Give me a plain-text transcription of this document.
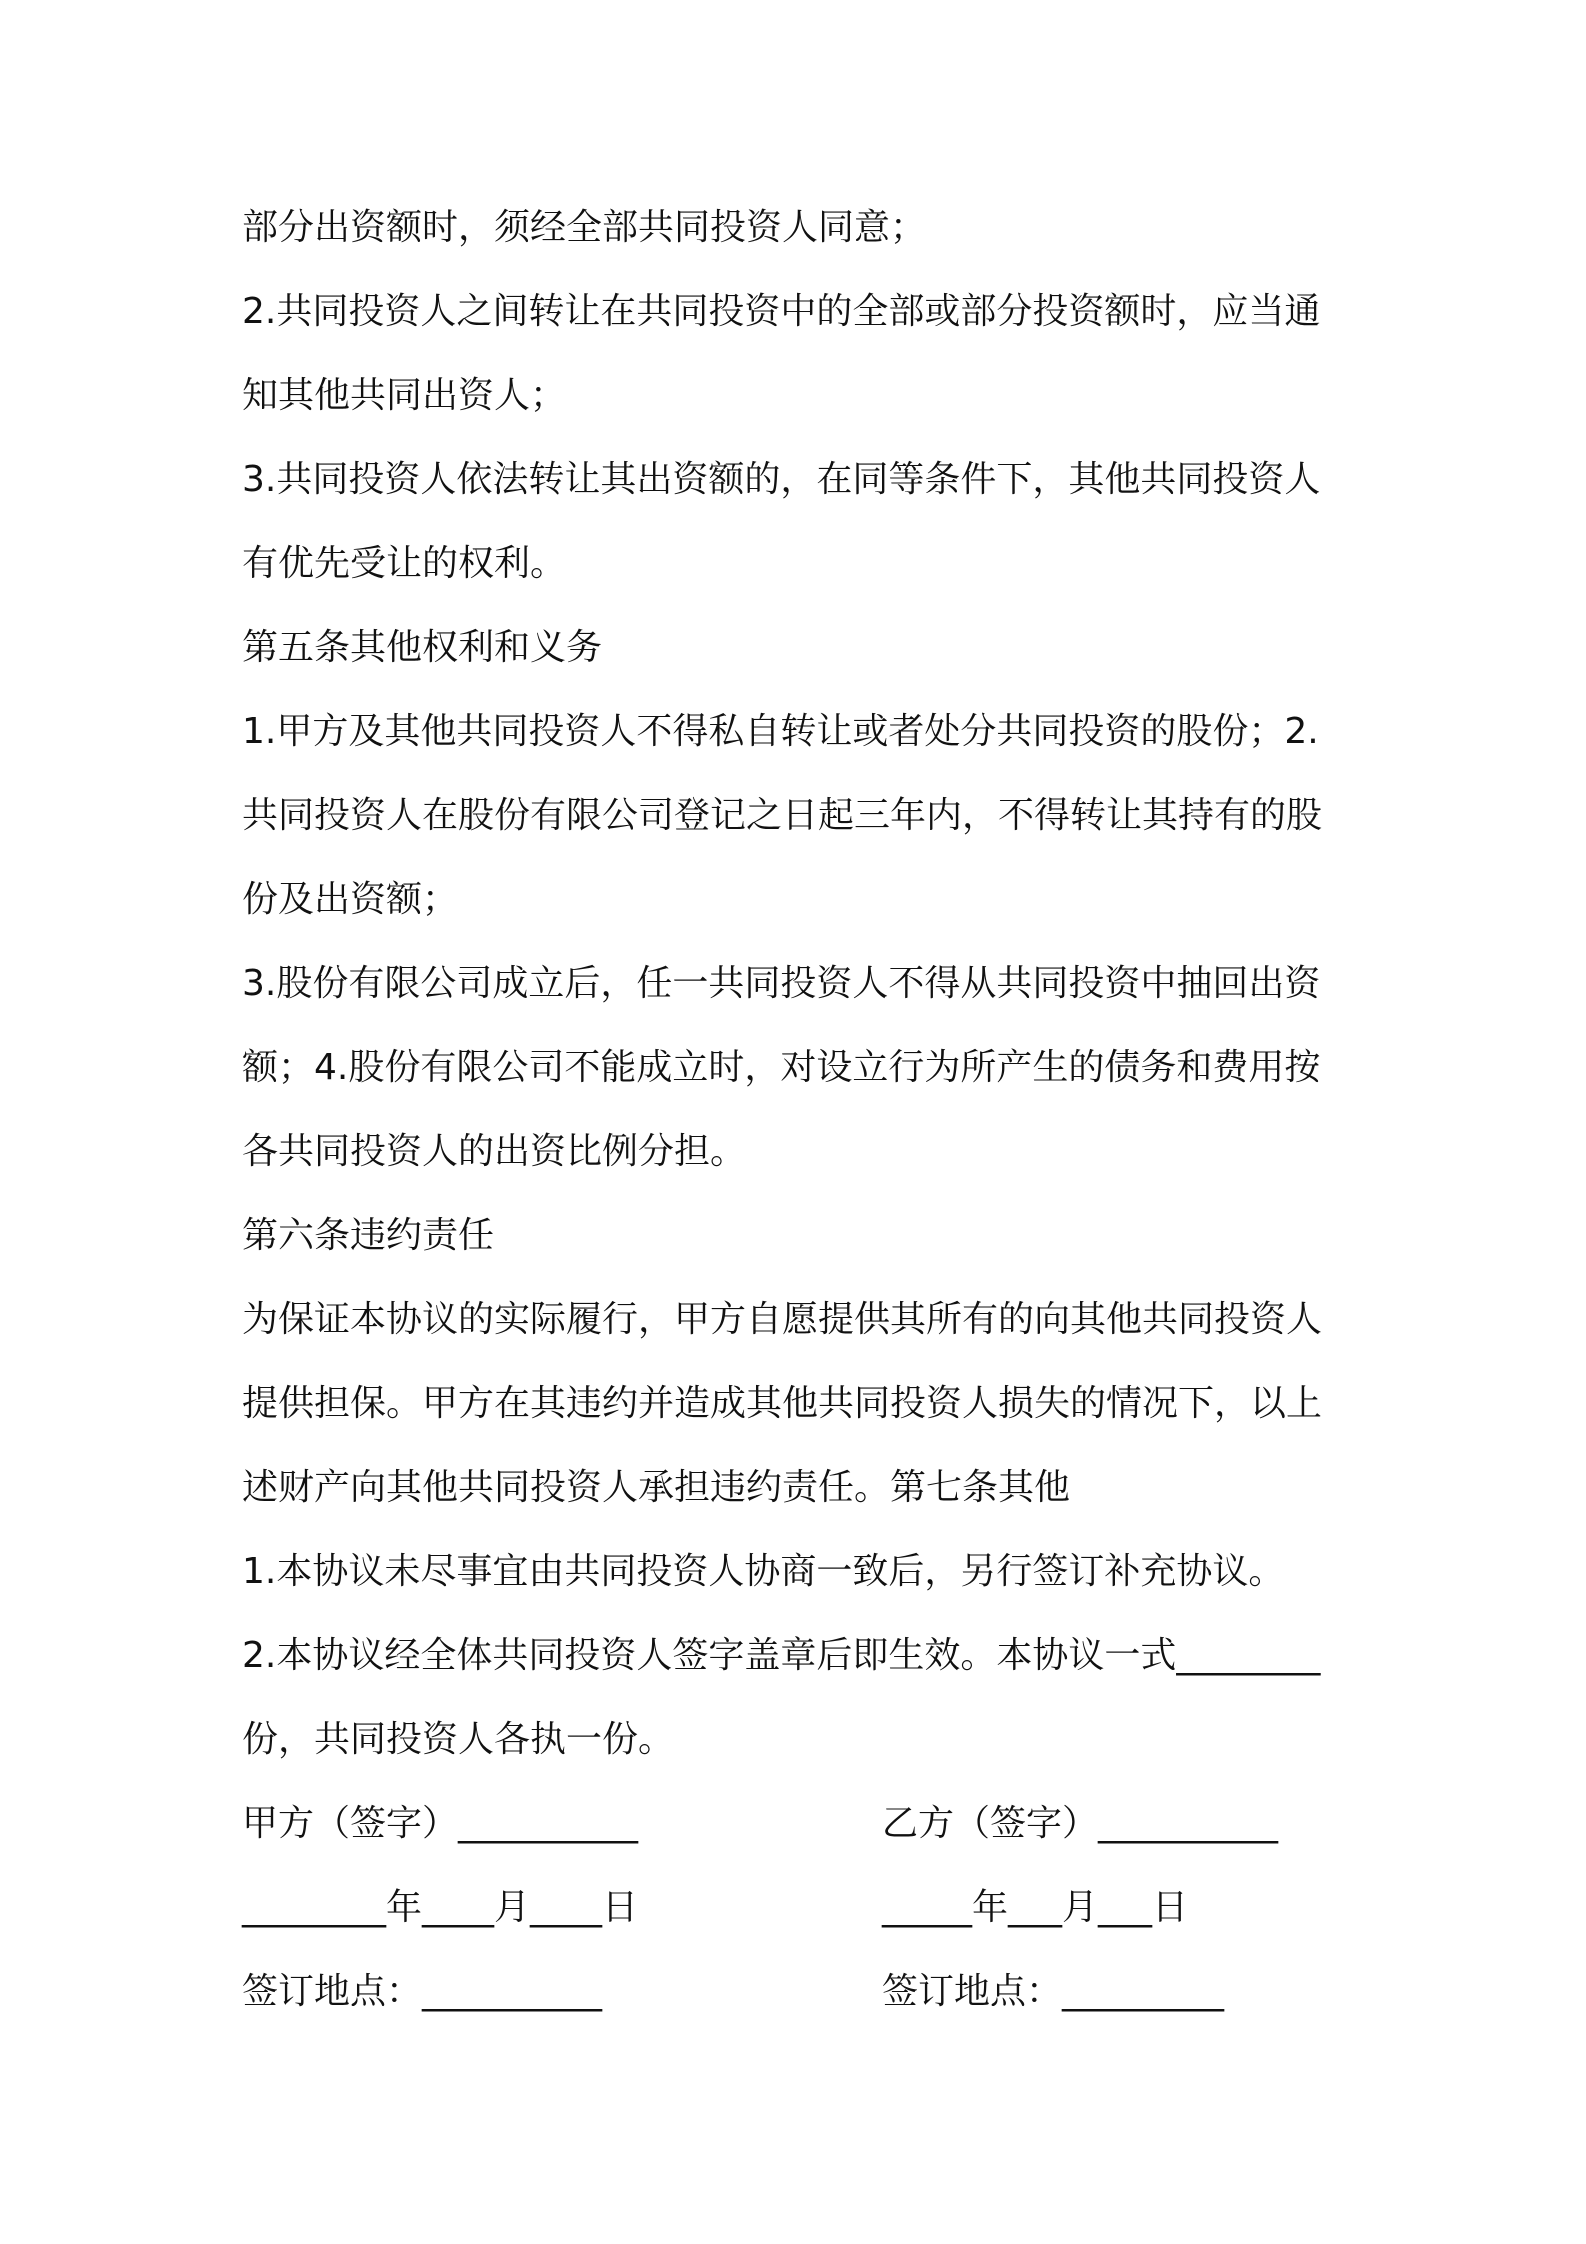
部分出资额时，须经全部共同投资人同意；
2.共同投资人之间转让在共同投资中的全部或部分投资额时，应当通
知其他共同出资人；
3.共同投资人依法转让其出资额的，在同等条件下，其他共同投资人
有优先受让的权利。
第五条其他权利和义务
1.甲方及其他共同投资人不得私自转让或者处分共同投资的股份；2.
共同投资人在股份有限公司登记之日起三年内，不得转让其持有的股
份及出资额；
3.股份有限公司成立后，任一共同投资人不得从共同投资中抽回出资
额；4.股份有限公司不能成立时，对设立行为所产生的债务和费用按
各共同投资人的出资比例分担。
第六条违约责任
为保证本协议的实际履行，甲方自愿提供其所有的向其他共同投资人
提供担保。甲方在其违约并造成其他共同投资人损失的情况下，以上
述财产向其他共同投资人承担违约责任。第七条其他
1.本协议未尽事宜由共同投资人协商一致后，另行签订补充协议。
2.本协议经全体共同投资人签字盖章后即生效。本协议一式________
份，共同投资人各执一份。
甲方（签字）__________	乙方（签字）__________
________年____月____日	_____年___月___日
签订地点：__________	签订地点：_________
